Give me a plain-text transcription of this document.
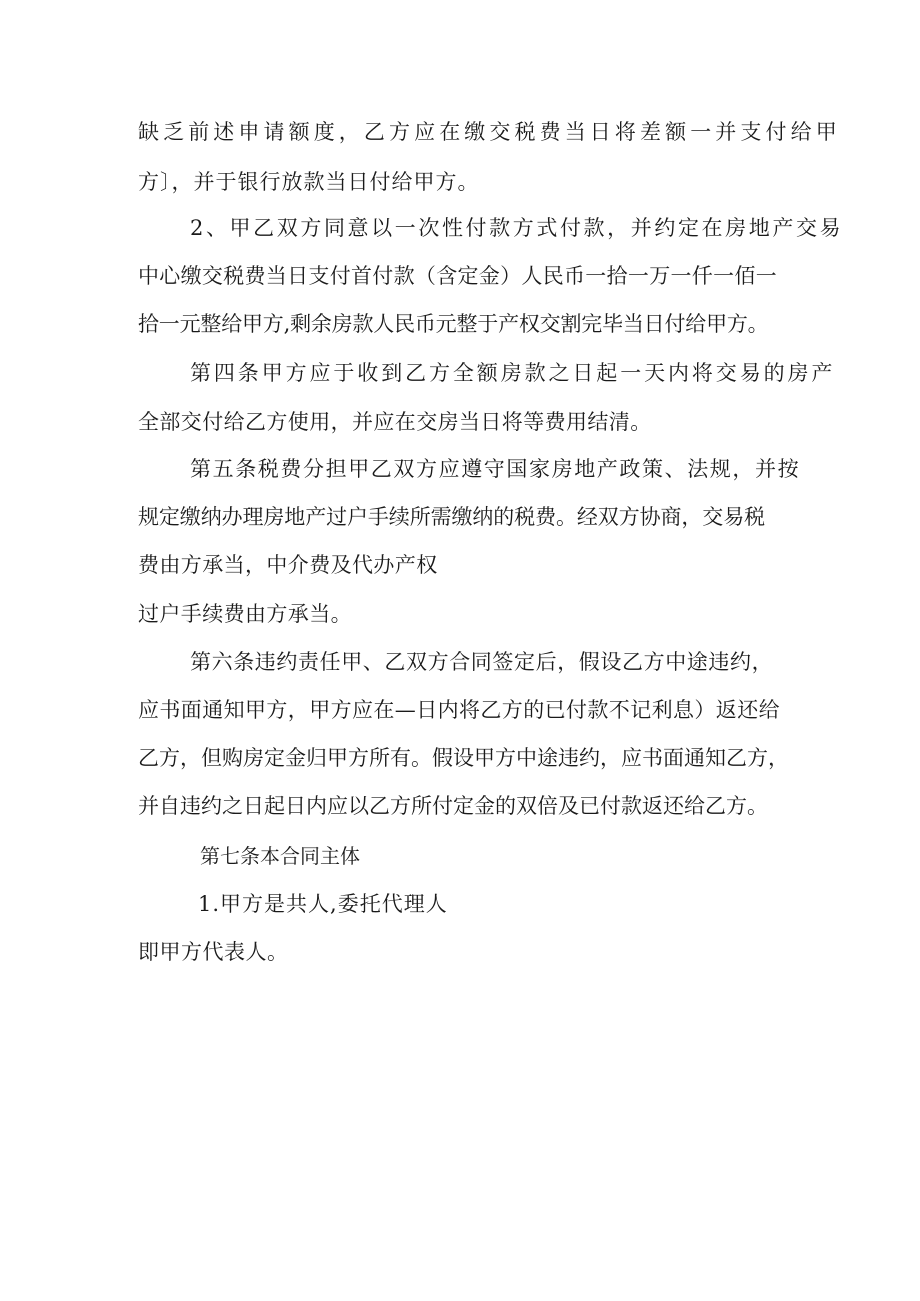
缺乏前述申请额度，乙方应在缴交税费当日将差额一并支付给甲
方〕，并于银行放款当日付给甲方。
2、甲乙双方同意以一次性付款方式付款，并约定在房地产交易
中心缴交税费当日支付首付款（含定金）人民币一拾一万一仟一佰一
拾一元整给甲方,剩余房款人民币元整于产权交割完毕当日付给甲方。
第四条甲方应于收到乙方全额房款之日起一天内将交易的房产
全部交付给乙方使用，并应在交房当日将等费用结清。
第五条税费分担甲乙双方应遵守国家房地产政策、法规，并按
规定缴纳办理房地产过户手续所需缴纳的税费。经双方协商，交易税
费由方承当，中介费及代办产权
过户手续费由方承当。
第六条违约责任甲、乙双方合同签定后，假设乙方中途违约，
应书面通知甲方，甲方应在—日内将乙方的已付款不记利息）返还给
乙方，但购房定金归甲方所有。假设甲方中途违约，应书面通知乙方，
并自违约之日起日内应以乙方所付定金的双倍及已付款返还给乙方。
第七条本合同主体
1.甲方是共人,委托代理人
即甲方代表人。
